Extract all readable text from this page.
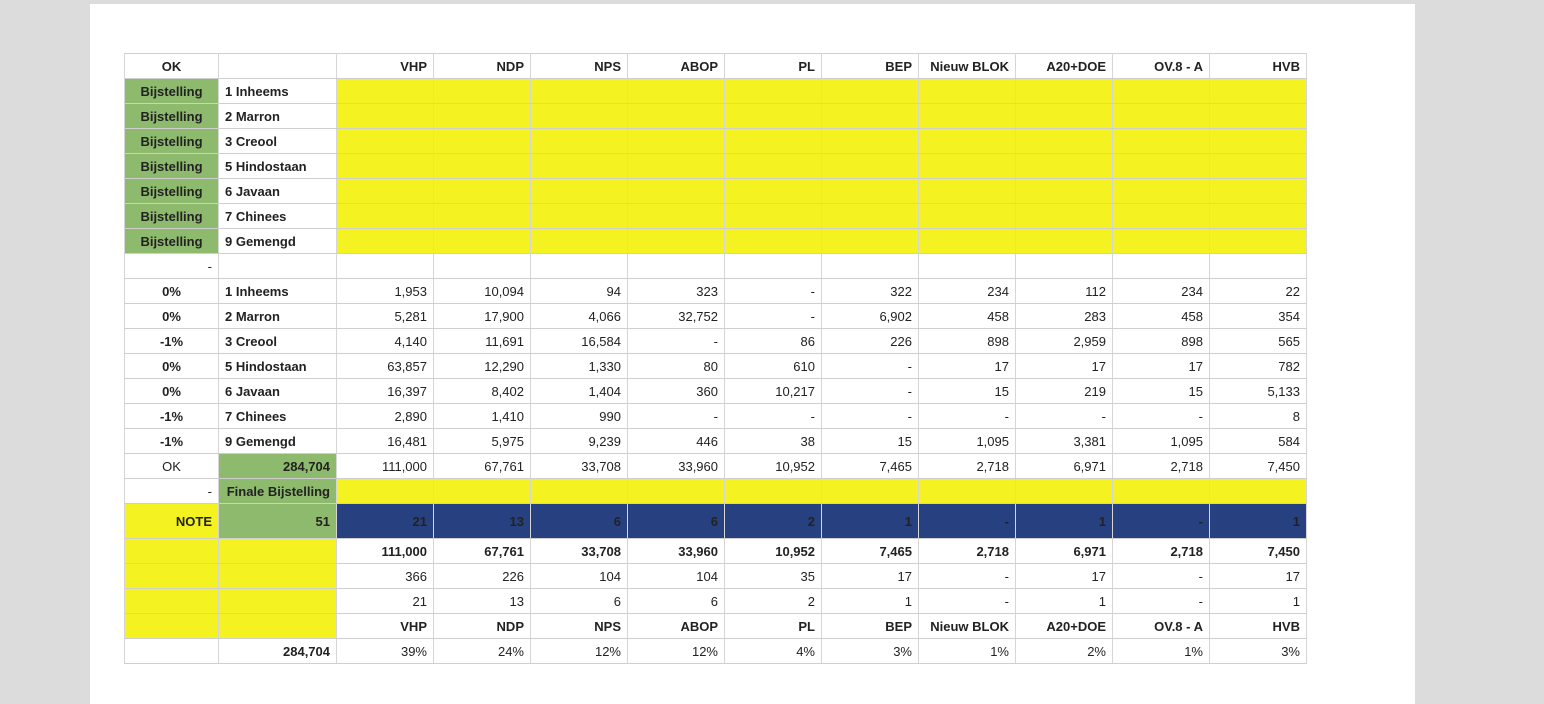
OK		VHP	NDP	NPS	ABOP	PL	BEP	Nieuw BLOK	A20+DOE	OV.8 - A	HVB
Bijstelling	1 Inheems										
Bijstelling	2 Marron										
Bijstelling	3 Creool										
Bijstelling	5 Hindostaan										
Bijstelling	6 Javaan										
Bijstelling	7 Chinees										
Bijstelling	9 Gemengd										
-											
0%	1 Inheems	1,953	10,094	94	323	-	322	234	112	234	22
0%	2 Marron	5,281	17,900	4,066	32,752	-	6,902	458	283	458	354
-1%	3 Creool	4,140	11,691	16,584	-	86	226	898	2,959	898	565
0%	5 Hindostaan	63,857	12,290	1,330	80	610	-	17	17	17	782
0%	6 Javaan	16,397	8,402	1,404	360	10,217	-	15	219	15	5,133
-1%	7 Chinees	2,890	1,410	990	-	-	-	-	-	-	8
-1%	9 Gemengd	16,481	5,975	9,239	446	38	15	1,095	3,381	1,095	584
OK	284,704	111,000	67,761	33,708	33,960	10,952	7,465	2,718	6,971	2,718	7,450
-	Finale Bijstelling										
NOTE	51	21	13	6	6	2	1	-	1	-	1
		111,000	67,761	33,708	33,960	10,952	7,465	2,718	6,971	2,718	7,450
		366	226	104	104	35	17	-	17	-	17
		21	13	6	6	2	1	-	1	-	1
		VHP	NDP	NPS	ABOP	PL	BEP	Nieuw BLOK	A20+DOE	OV.8 - A	HVB
	284,704	39%	24%	12%	12%	4%	3%	1%	2%	1%	3%
